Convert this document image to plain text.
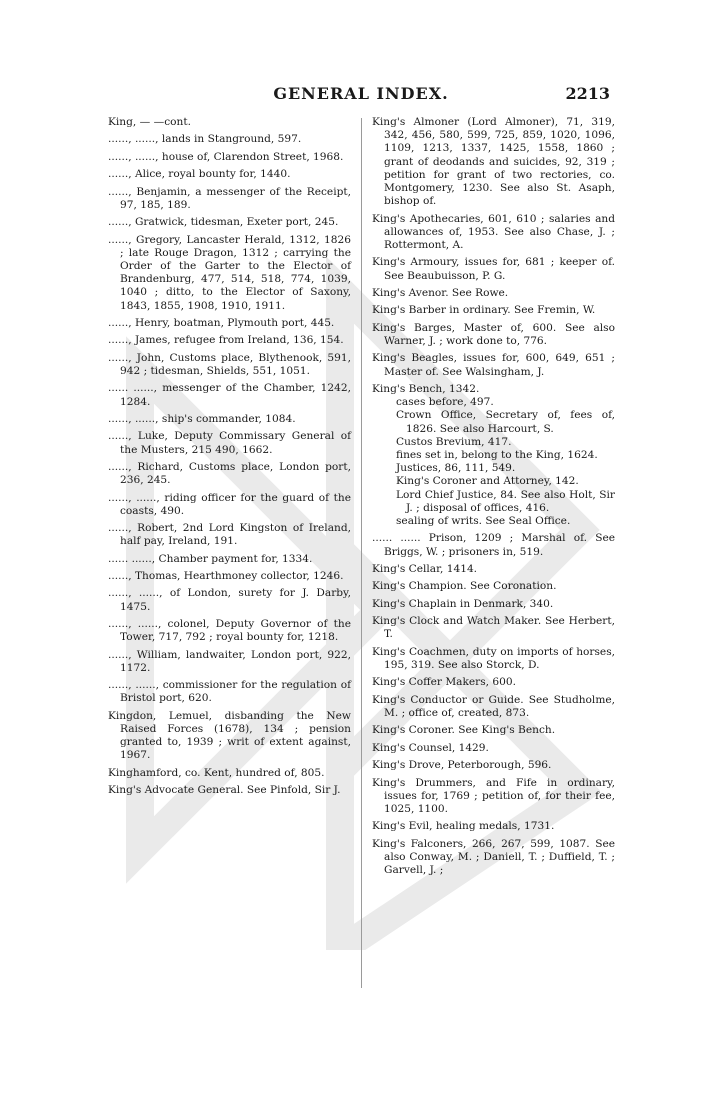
GENERAL INDEX.	2213

King, — —cont.

......, ......, lands in Stanground, 597.

......, ......, house of, Clarendon Street, 1968.

......, Alice, royal bounty for, 1440.

......, Benjamin, a messenger of the Receipt, 97, 185, 189.

......, Gratwick, tidesman, Exeter port, 245.

......, Gregory, Lancaster Herald, 1312, 1826 ; late Rouge Dragon, 1312 ; carrying the Order of the Garter to the Elector of Brandenburg, 477, 514, 518, 774, 1039, 1040 ; ditto, to the Elector of Saxony, 1843, 1855, 1908, 1910, 1911.

......, Henry, boatman, Plymouth port, 445.

......, James, refugee from Ireland, 136, 154.

......, John, Customs place, Blythenook, 591, 942 ; tidesman, Shields, 551, 1051.

...... ......, messenger of the Chamber, 1242, 1284.

......, ......, ship's commander, 1084.

......, Luke, Deputy Commissary General of the Musters, 215 490, 1662.

......, Richard, Customs place, London port, 236, 245.

......, ......, riding officer for the guard of the coasts, 490.

......, Robert, 2nd Lord Kingston of Ireland, half pay, Ireland, 191.

...... ......, Chamber payment for, 1334.

......, Thomas, Hearthmoney collector, 1246.

......, ......, of London, surety for J. Darby, 1475.

......, ......, colonel, Deputy Governor of the Tower, 717, 792 ; royal bounty for, 1218.

......, William, landwaiter, London port, 922, 1172.

......, ......, commissioner for the regulation of Bristol port, 620.

Kingdon, Lemuel, disbanding the New Raised Forces (1678), 134 ; pension granted to, 1939 ; writ of extent against, 1967.

Kinghamford, co. Kent, hundred of, 805.

King's Advocate General. See Pinfold, Sir J.

King's Almoner (Lord Almoner), 71, 319, 342, 456, 580, 599, 725, 859, 1020, 1096, 1109, 1213, 1337, 1425, 1558, 1860 ; grant of deodands and suicides, 92, 319 ; petition for grant of two rectories, co. Montgomery, 1230. See also St. Asaph, bishop of.

King's Apothecaries, 601, 610 ; salaries and allowances of, 1953. See also Chase, J. ; Rottermont, A.

King's Armoury, issues for, 681 ; keeper of. See Beaubuisson, P. G.

King's Avenor. See Rowe.

King's Barber in ordinary. See Fremin, W.

King's Barges, Master of, 600. See also Warner, J. ; work done to, 776.

King's Beagles, issues for, 600, 649, 651 ; Master of. See Walsingham, J.

King's Bench, 1342.

cases before, 497.

Crown Office, Secretary of, fees of, 1826. See also Harcourt, S.

Custos Brevium, 417.

fines set in, belong to the King, 1624.

Justices, 86, 111, 549.

King's Coroner and Attorney, 142.

Lord Chief Justice, 84. See also Holt, Sir J. ; disposal of offices, 416.

sealing of writs. See Seal Office.

...... ...... Prison, 1209 ; Marshal of. See Briggs, W. ; prisoners in, 519.

King's Cellar, 1414.

King's Champion. See Coronation.

King's Chaplain in Denmark, 340.

King's Clock and Watch Maker. See Herbert, T.

King's Coachmen, duty on imports of horses, 195, 319. See also Storck, D.

King's Coffer Makers, 600.

King's Conductor or Guide. See Studholme, M. ; office of, created, 873.

King's Coroner. See King's Bench.

King's Counsel, 1429.

King's Drove, Peterborough, 596.

King's Drummers, and Fife in ordinary, issues for, 1769 ; petition of, for their fee, 1025, 1100.

King's Evil, healing medals, 1731.

King's Falconers, 266, 267, 599, 1087. See also Conway, M. ; Daniell, T. ; Duffield, T. ; Garvell, J. ;
